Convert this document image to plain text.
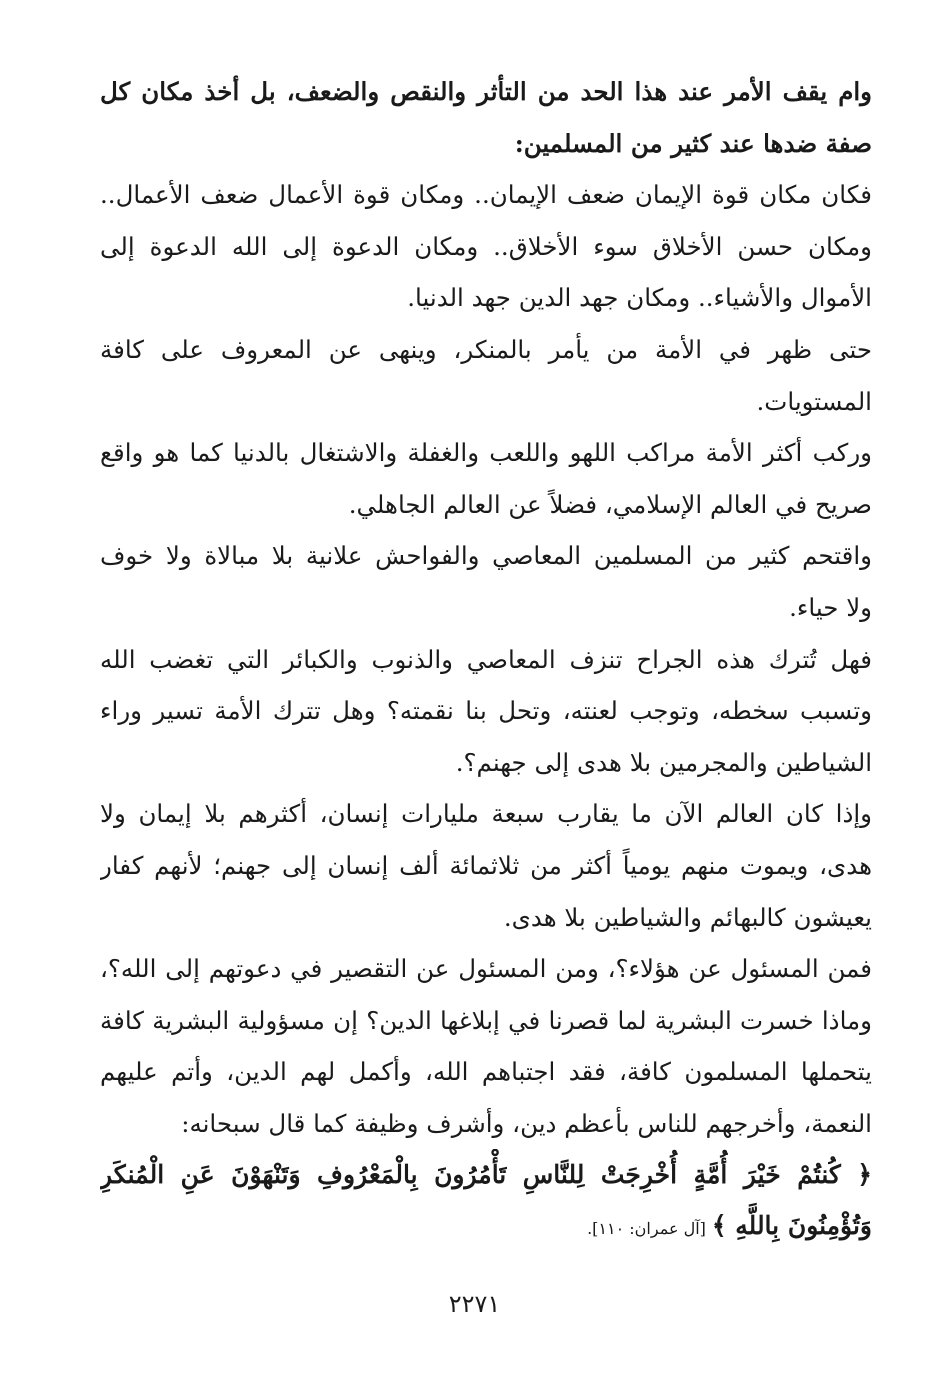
وام يقف الأمر عند هذا الحد من التأثر والنقص والضعف، بل أخذ مكان كل
صفة ضدها عند كثير من المسلمين:
فكان مكان قوة الإيمان ضعف الإيمان.. ومكان قوة الأعمال ضعف الأعمال..
ومكان حسن الأخلاق سوء الأخلاق.. ومكان الدعوة إلى الله الدعوة إلى
الأموال والأشياء.. ومكان جهد الدين جهد الدنيا.
حتى ظهر في الأمة من يأمر بالمنكر، وينهى عن المعروف على كافة
المستويات.
وركب أكثر الأمة مراكب اللهو واللعب والغفلة والاشتغال بالدنيا كما هو واقع
صريح في العالم الإسلامي، فضلاً عن العالم الجاهلي.
واقتحم كثير من المسلمين المعاصي والفواحش علانية بلا مبالاة ولا خوف
ولا حياء.
فهل تُترك هذه الجراح تنزف المعاصي والذنوب والكبائر التي تغضب الله
وتسبب سخطه، وتوجب لعنته، وتحل بنا نقمته؟ وهل تترك الأمة تسير وراء
الشياطين والمجرمين بلا هدى إلى جهنم؟.
وإذا كان العالم الآن ما يقارب سبعة مليارات إنسان، أكثرهم بلا إيمان ولا
هدى، ويموت منهم يومياً أكثر من ثلاثمائة ألف إنسان إلى جهنم؛ لأنهم كفار
يعيشون كالبهائم والشياطين بلا هدى.
فمن المسئول عن هؤلاء؟، ومن المسئول عن التقصير في دعوتهم إلى الله؟،
وماذا خسرت البشرية لما قصرنا في إبلاغها الدين؟ إن مسؤولية البشرية كافة
يتحملها المسلمون كافة، فقد اجتباهم الله، وأكمل لهم الدين، وأتم عليهم
النعمة، وأخرجهم للناس بأعظم دين، وأشرف وظيفة كما قال سبحانه:
﴿ كُنتُمْ خَيْرَ أُمَّةٍ أُخْرِجَتْ لِلنَّاسِ تَأْمُرُونَ بِالْمَعْرُوفِ وَتَنْهَوْنَ عَنِ الْمُنكَرِ
وَتُؤْمِنُونَ بِاللَّهِ ﴾[آل عمران: ١١٠].
٢٢٧١
